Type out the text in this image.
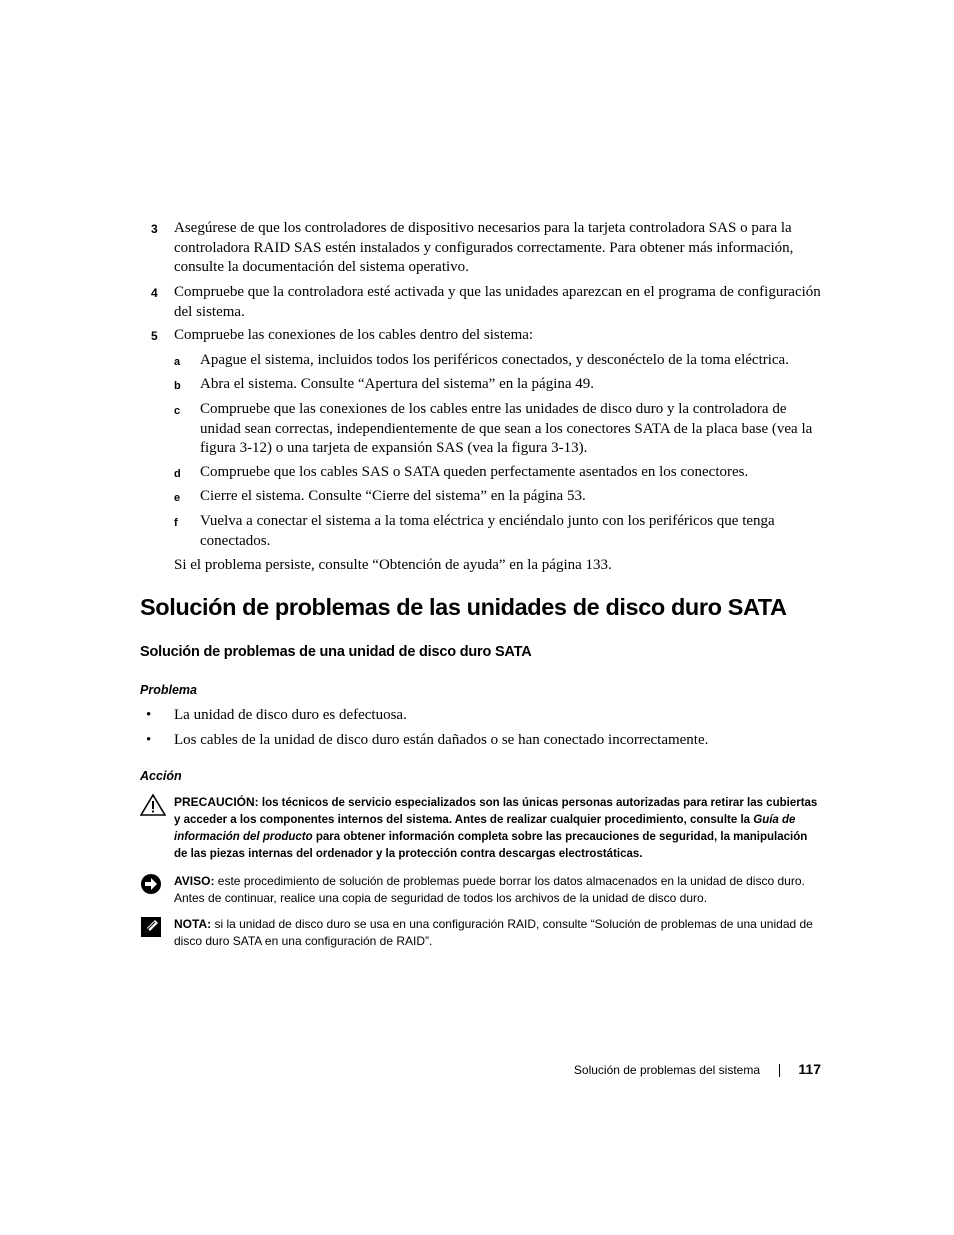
3 Asegúrese de que los controladores de dispositivo necesarios para la tarjeta controladora SAS o para la controladora RAID SAS estén instalados y configurados correctamente. Para obtener más información, consulte la documentación del sistema operativo.
4 Compruebe que la controladora esté activada y que las unidades aparezcan en el programa de configuración del sistema.
5 Compruebe las conexiones de los cables dentro del sistema:
a Apague el sistema, incluidos todos los periféricos conectados, y desconéctelo de la toma eléctrica.
b Abra el sistema. Consulte “Apertura del sistema” en la página 49.
c Compruebe que las conexiones de los cables entre las unidades de disco duro y la controladora de unidad sean correctas, independientemente de que sean a los conectores SATA de la placa base (vea la figura 3-12) o una tarjeta de expansión SAS (vea la figura 3-13).
d Compruebe que los cables SAS o SATA queden perfectamente asentados en los conectores.
e Cierre el sistema. Consulte “Cierre del sistema” en la página 53.
f Vuelva a conectar el sistema a la toma eléctrica y enciéndalo junto con los periféricos que tenga conectados.
Si el problema persiste, consulte “Obtención de ayuda” en la página 133.
Solución de problemas de las unidades de disco duro SATA
Solución de problemas de una unidad de disco duro SATA
Problema
• La unidad de disco duro es defectuosa.
• Los cables de la unidad de disco duro están dañados o se han conectado incorrectamente.
Acción
PRECAUCIÓN: los técnicos de servicio especializados son las únicas personas autorizadas para retirar las cubiertas y acceder a los componentes internos del sistema. Antes de realizar cualquier procedimiento, consulte la Guía de información del producto para obtener información completa sobre las precauciones de seguridad, la manipulación de las piezas internas del ordenador y la protección contra descargas electrostáticas.
AVISO: este procedimiento de solución de problemas puede borrar los datos almacenados en la unidad de disco duro. Antes de continuar, realice una copia de seguridad de todos los archivos de la unidad de disco duro.
NOTA: si la unidad de disco duro se usa en una configuración RAID, consulte “Solución de problemas de una unidad de disco duro SATA en una configuración de RAID”.
Solución de problemas del sistema	117
